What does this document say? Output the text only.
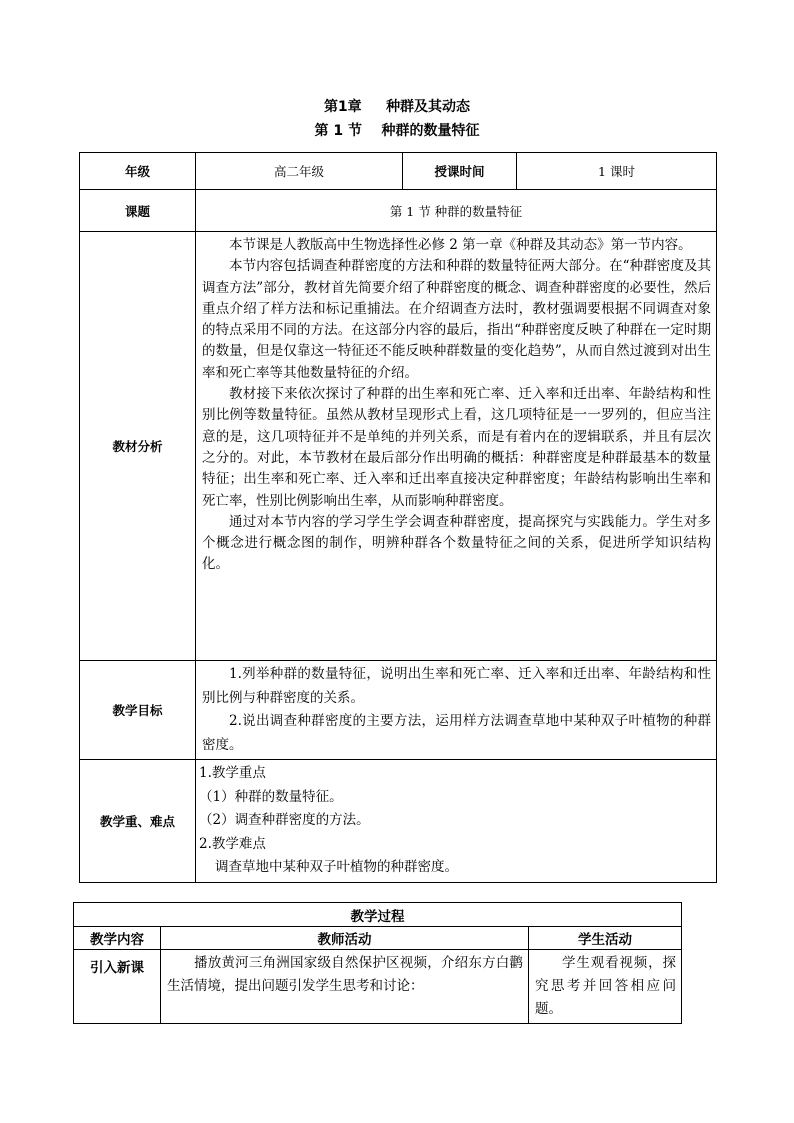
第1章 种群及其动态
第 1 节 种群的数量特征
年级	高二年级	授课时间	1 课时
课题	第 1 节 种群的数量特征		
教材分析	本节课是人教版高中生物选择性必修 2 第一章《种群及其动态》第一节内容。
本节内容包括调查种群密度的方法和种群的数量特征两大部分。在“种群密度及其调查方法”部分，教材首先简要介绍了种群密度的概念、调查种群密度的必要性，然后重点介绍了样方法和标记重捕法。在介绍调查方法时，教材强调要根据不同调查对象的特点采用不同的方法。在这部分内容的最后，指出“种群密度反映了种群在一定时期的数量，但是仅靠这一特征还不能反映种群数量的变化趋势”，从而自然过渡到对出生率和死亡率等其他数量特征的介绍。
教材接下来依次探讨了种群的出生率和死亡率、迁入率和迁出率、年龄结构和性别比例等数量特征。虽然从教材呈现形式上看，这几项特征是一一罗列的，但应当注意的是，这几项特征并不是单纯的并列关系，而是有着内在的逻辑联系，并且有层次之分的。对此，本节教材在最后部分作出明确的概括：种群密度是种群最基本的数量特征；出生率和死亡率、迁入率和迁出率直接决定种群密度；年龄结构影响出生率和死亡率，性别比例影响出生率，从而影响种群密度。
通过对本节内容的学习学生学会调查种群密度，提高探究与实践能力。学生对多个概念进行概念图的制作，明辨种群各个数量特征之间的关系，促进所学知识结构化。		

教学目标	1.列举种群的数量特征，说明出生率和死亡率、迁入率和迁出率、年龄结构和性别比例与种群密度的关系。
2.说出调查种群密度的主要方法，运用样方法调查草地中某种双子叶植物的种群密度。		

教学重、难点	1.教学重点
（1）种群的数量特征。
（2）调查种群密度的方法。
2.教学难点
调查草地中某种双子叶植物的种群密度。		
教学过程		
教学内容	教师活动	学生活动
引入新课	播放黄河三角洲国家级自然保护区视频，介绍东方白鹳生活情境，提出问题引发学生思考和讨论：	学生观看视频，探究思考并回答相应问题。
